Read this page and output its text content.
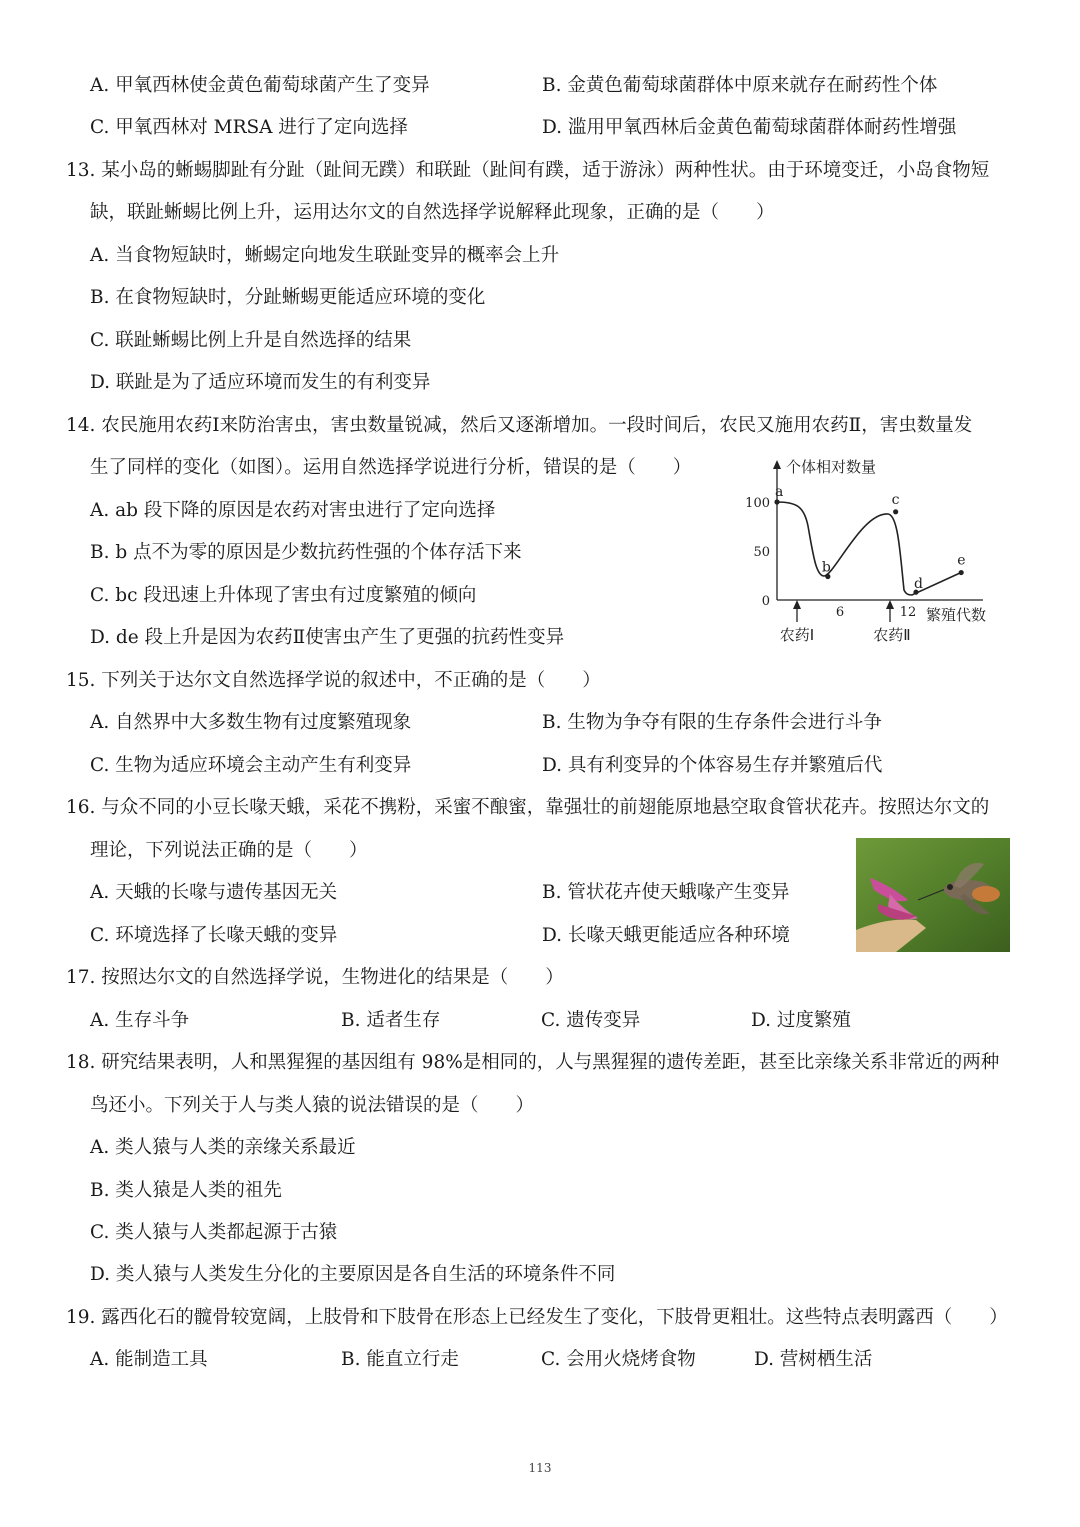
A. 甲氧西林使金黄色葡萄球菌产生了变异	B. 金黄色葡萄球菌群体中原来就存在耐药性个体
C. 甲氧西林对 MRSA 进行了定向选择	D. 滥用甲氧西林后金黄色葡萄球菌群体耐药性增强
13. 某小岛的蜥蜴脚趾有分趾（趾间无蹼）和联趾（趾间有蹼，适于游泳）两种性状。由于环境变迁，小岛食物短
缺，联趾蜥蜴比例上升，运用达尔文的自然选择学说解释此现象，正确的是（　　）
A. 当食物短缺时，蜥蜴定向地发生联趾变异的概率会上升
B. 在食物短缺时，分趾蜥蜴更能适应环境的变化
C. 联趾蜥蜴比例上升是自然选择的结果
D. 联趾是为了适应环境而发生的有利变异
14. 农民施用农药Ⅰ来防治害虫，害虫数量锐减，然后又逐渐增加。一段时间后，农民又施用农药Ⅱ，害虫数量发
生了同样的变化（如图）。运用自然选择学说进行分析，错误的是（　　）
A. ab 段下降的原因是农药对害虫进行了定向选择
B. b 点不为零的原因是少数抗药性强的个体存活下来
C. bc 段迅速上升体现了害虫有过度繁殖的倾向
D. de 段上升是因为农药Ⅱ使害虫产生了更强的抗药性变异
个体相对数量
繁殖代数
0
50
100
6	12
农药Ⅰ	农药Ⅱ
a
b
c
d
e
15. 下列关于达尔文自然选择学说的叙述中，不正确的是（　　）
A. 自然界中大多数生物有过度繁殖现象	B. 生物为争夺有限的生存条件会进行斗争
C. 生物为适应环境会主动产生有利变异	D. 具有利变异的个体容易生存并繁殖后代
16. 与众不同的小豆长喙天蛾，采花不携粉，采蜜不酿蜜，靠强壮的前翅能原地悬空取食管状花卉。按照达尔文的
理论，下列说法正确的是（　　）
A. 天蛾的长喙与遗传基因无关	B. 管状花卉使天蛾喙产生变异
C. 环境选择了长喙天蛾的变异	D. 长喙天蛾更能适应各种环境
17. 按照达尔文的自然选择学说，生物进化的结果是（　　）
A. 生存斗争	B. 适者生存	C. 遗传变异	D. 过度繁殖
18. 研究结果表明，人和黑猩猩的基因组有 98%是相同的，人与黑猩猩的遗传差距，甚至比亲缘关系非常近的两种
鸟还小。下列关于人与类人猿的说法错误的是（　　）
A. 类人猿与人类的亲缘关系最近
B. 类人猿是人类的祖先
C. 类人猿与人类都起源于古猿
D. 类人猿与人类发生分化的主要原因是各自生活的环境条件不同
19. 露西化石的髋骨较宽阔，上肢骨和下肢骨在形态上已经发生了变化，下肢骨更粗壮。这些特点表明露西（　　）
A. 能制造工具	B. 能直立行走	C. 会用火烧烤食物	D. 营树栖生活
113
